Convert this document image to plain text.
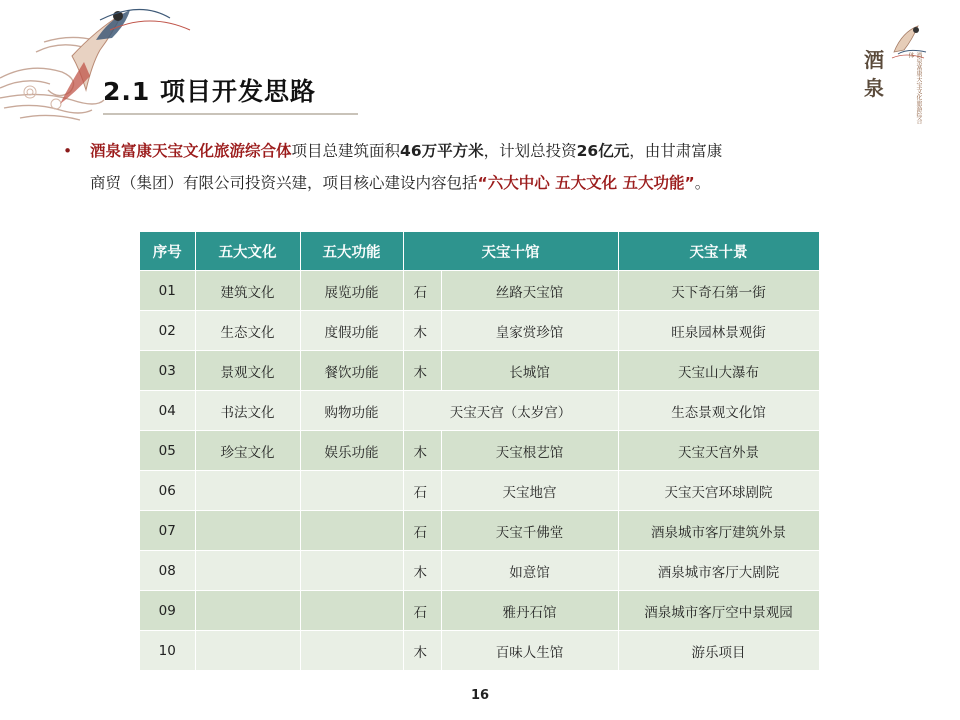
2.1 项目开发思路
酒
泉	酒泉富康天宝文化旅游综合体
•	酒泉富康天宝文化旅游综合体项目总建筑面积46万平方米，计划总投资26亿元，由甘肃富康
商贸（集团）有限公司投资兴建，项目核心建设内容包括“六大中心 五大文化 五大功能”。
序号	五大文化	五大功能	天宝十馆		天宝十景
01	建筑文化	展览功能	石	丝路天宝馆	天下奇石第一街
02	生态文化	度假功能	木	皇家赏珍馆	旺泉园林景观街
03	景观文化	餐饮功能	木	长城馆	天宝山大瀑布
04	书法文化	购物功能	天宝天宫（太岁宫）		生态景观文化馆
05	珍宝文化	娱乐功能	木	天宝根艺馆	天宝天宫外景
06			石	天宝地宫	天宝天宫环球剧院
07			石	天宝千佛堂	酒泉城市客厅建筑外景
08			木	如意馆	酒泉城市客厅大剧院
09			石	雅丹石馆	酒泉城市客厅空中景观园
10			木	百味人生馆	游乐项目
16
